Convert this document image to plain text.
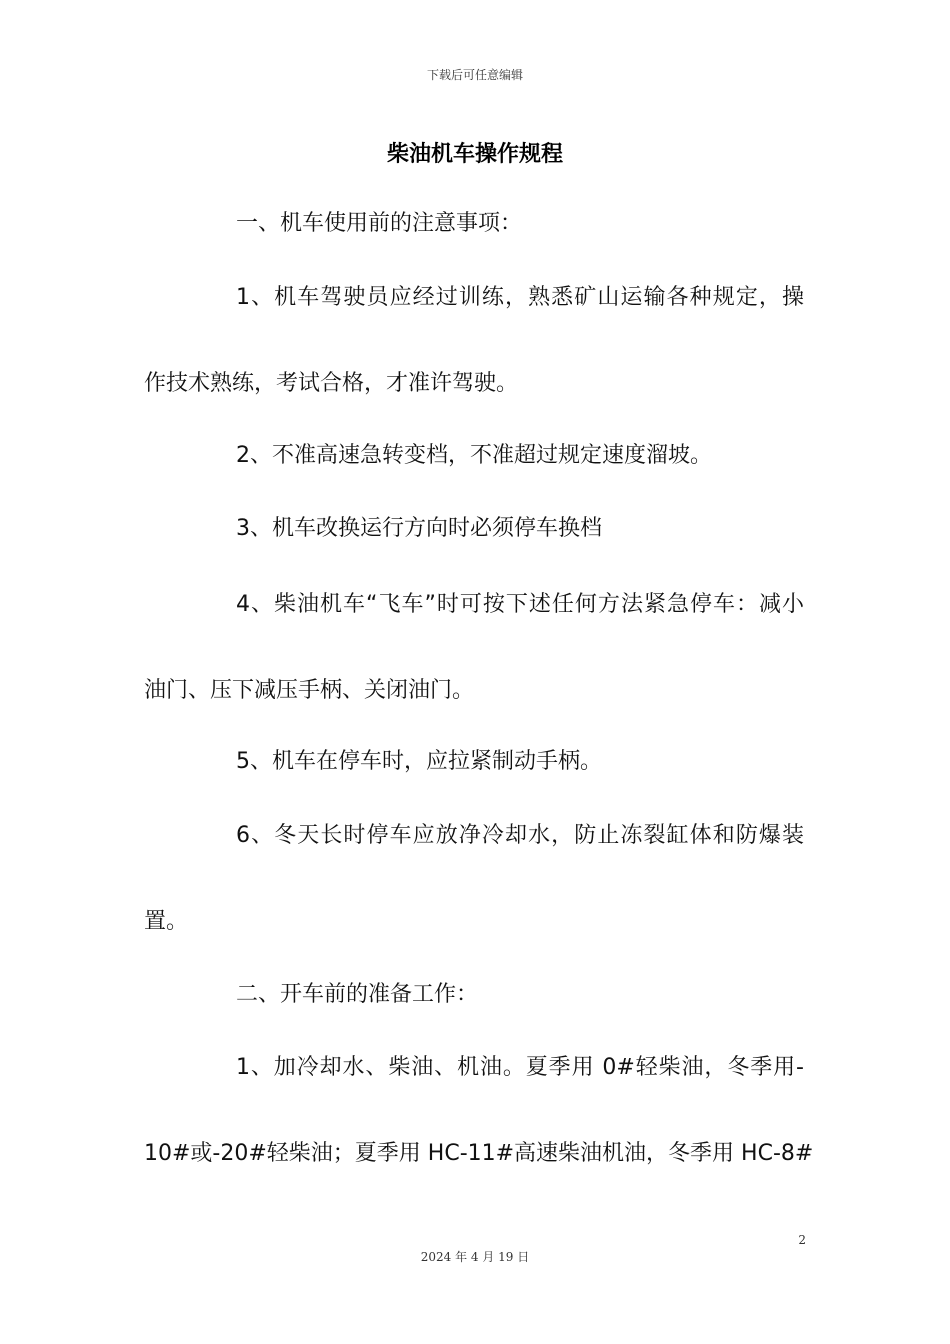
下载后可任意编辑
柴油机车操作规程
一、机车使用前的注意事项：
1、机车驾驶员应经过训练，熟悉矿山运输各种规定，操
作技术熟练，考试合格，才准许驾驶。
2、不准高速急转变档，不准超过规定速度溜坡。
3、机车改换运行方向时必须停车换档
4、柴油机车“飞车”时可按下述任何方法紧急停车：减小
油门、压下减压手柄、关闭油门。
5、机车在停车时，应拉紧制动手柄。
6、冬天长时停车应放净冷却水，防止冻裂缸体和防爆装
置。
二、开车前的准备工作：
1、加冷却水、柴油、机油。夏季用 0#轻柴油，冬季用-
10#或-20#轻柴油；夏季用 HC-11#高速柴油机油，冬季用 HC-8#
2
2024 年 4 月 19 日
